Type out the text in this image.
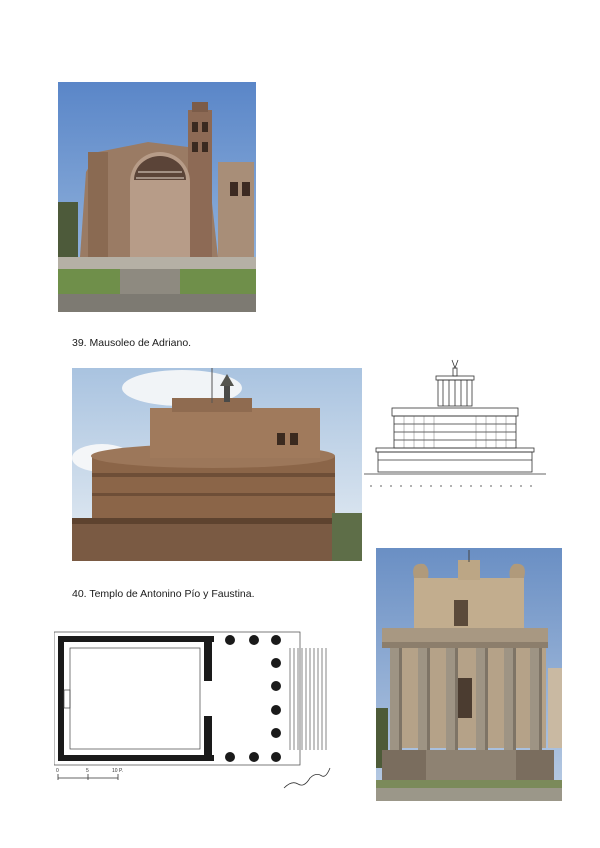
39. Mausoleo de Adriano.
40. Templo de Antonino Pío y Faustina.
0	5	10 P.
